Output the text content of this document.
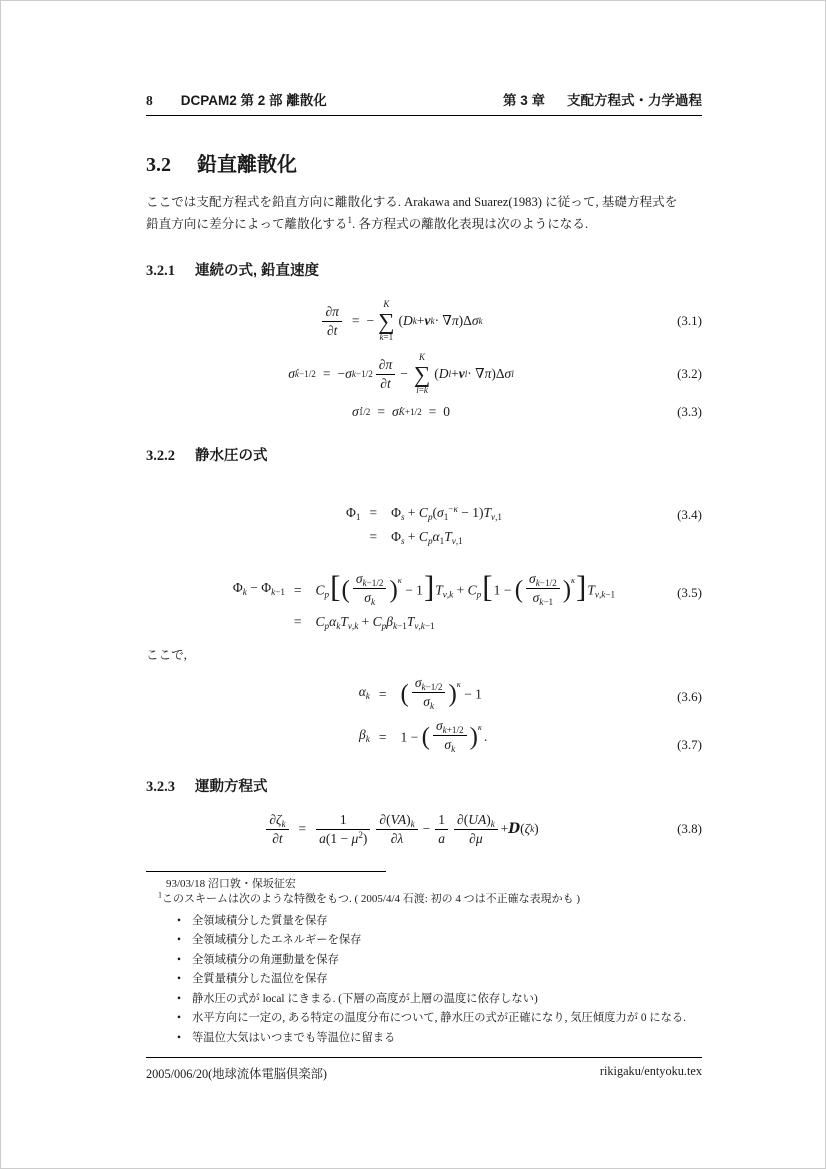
8 DCPAM2 第 2 部 離散化	第 3 章 支配方程式・力学過程
3.2 鉛直離散化
ここでは支配方程式を鉛直方向に離散化する. Arakawa and Suarez(1983) に従って, 基礎方程式を
鉛直方向に差分によって離散化する$^1$. 各方程式の離散化表現は次のようになる.
3.2.1 連続の式, 鉛直速度
$\frac{\partial\pi}{\partial t}$ = −
K
∑
k=1
( D k + v k · ∇ π )Δ σ k	(3.1)
σ̇ k−1/2 = − σ $k-1/2 \frac{\partial\pi}{\partial t}$ −
K
∑
l=k
( D l + v l · ∇ π )Δ σ l	(3.2)
σ̇ 1/2 = σ̇ K+1/2 = 0	(3.3)
3.2.2 静水圧の式
$\Phi_1 = \Phi_s + C_p(\sigma_1^{-\kappa} - 1)T_{v,1}$
= $\Phi_s + C_p\alpha_1T_{v,1}$
(3.4)
$\Phi_k - \Phi_{k-1} = C_p[( \frac{\sigma_{k-1/2}}{\sigma_k} )^\kappa - 1]T_{v,k} + C_p[1$ − ( $\frac{\sigma_{k-1/2}}{\sigma_{k-1}} )^\kappa]T_{v,k-1}$
= $C_p\alpha_kT_{v,k} + C_p\beta_{k-1}T_{v,k-1}$
(3.5)
ここで,
$\alpha_k$ = ( $\frac{\sigma_{k-1/2}}{\sigma_k} )^\kappa - 1$
$\beta_k = 1$ − ( $\frac{\sigma_{k+1/2}}{\sigma_k} )^\kappa$.
(3.6)
(3.7)
3.2.3 運動方程式
$\frac{\partial\zeta_k}{\partial t} = \frac{1}{a(1 - \mu^2)} \frac{\partial(VA)_k}{\partial\lambda} - \frac{1}{a} \frac{\partial(UA)_k}{\partial\mu} + D$ ( ζ k )	(3.8)
93/03/18 沼口敦・保坂征宏
$^1$このスキームは次のような特徴をもつ. ( 2005/4/4 石渡: 初の 4 つは不正確な表現かも )
• 全領域積分した質量を保存
• 全領域積分したエネルギーを保存
• 全領域積分の角運動量を保存
• 全質量積分した温位を保存
• 静水圧の式が local にきまる. (下層の高度が上層の温度に依存しない)
• 水平方向に一定の, ある特定の温度分布について, 静水圧の式が正確になり, 気圧傾度力が 0 になる.
• 等温位大気はいつまでも等温位に留まる
2005/006/20(地球流体電脳倶楽部)	rikigaku/entyoku.tex
